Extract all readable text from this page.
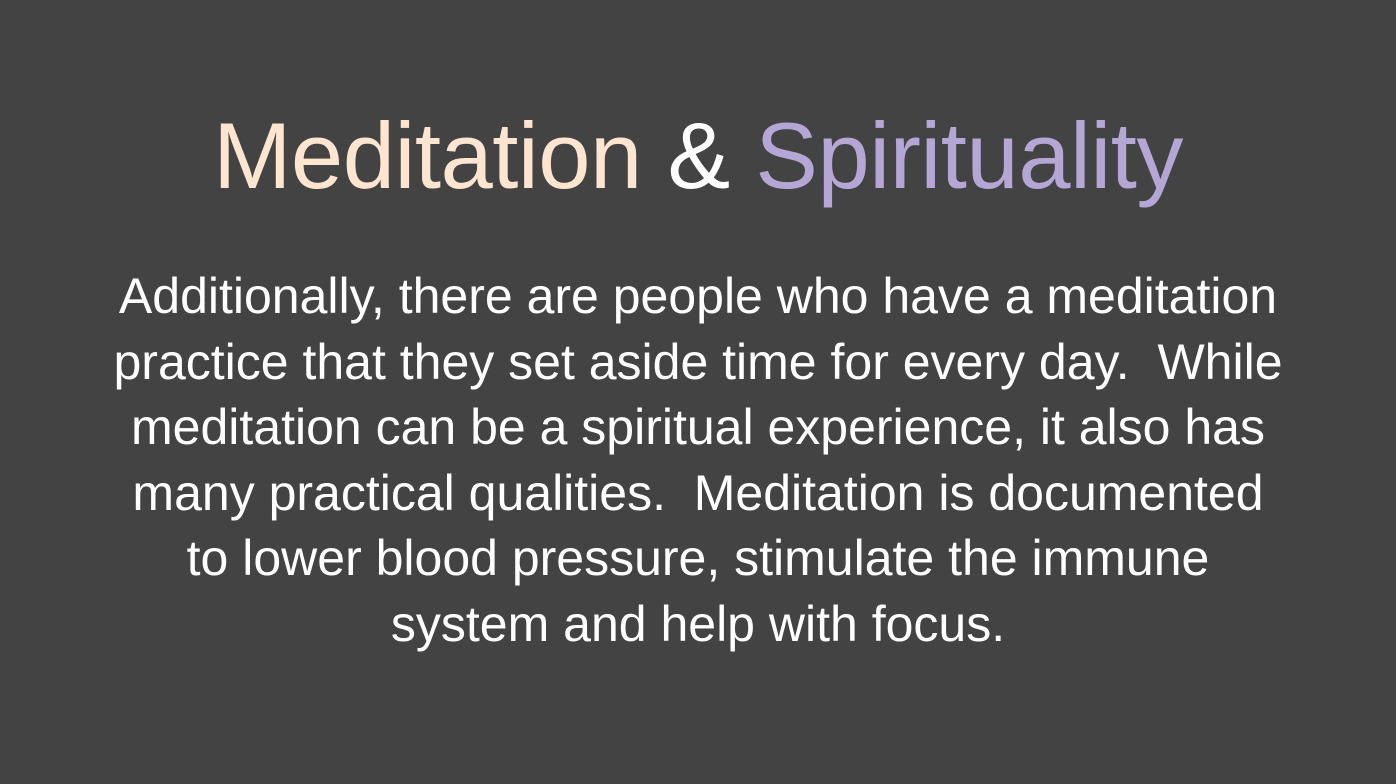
Meditation & Spirituality
Additionally, there are people who have a meditation
practice that they set aside time for every day.  While
meditation can be a spiritual experience, it also has
many practical qualities.  Meditation is documented
to lower blood pressure, stimulate the immune
system and help with focus.
